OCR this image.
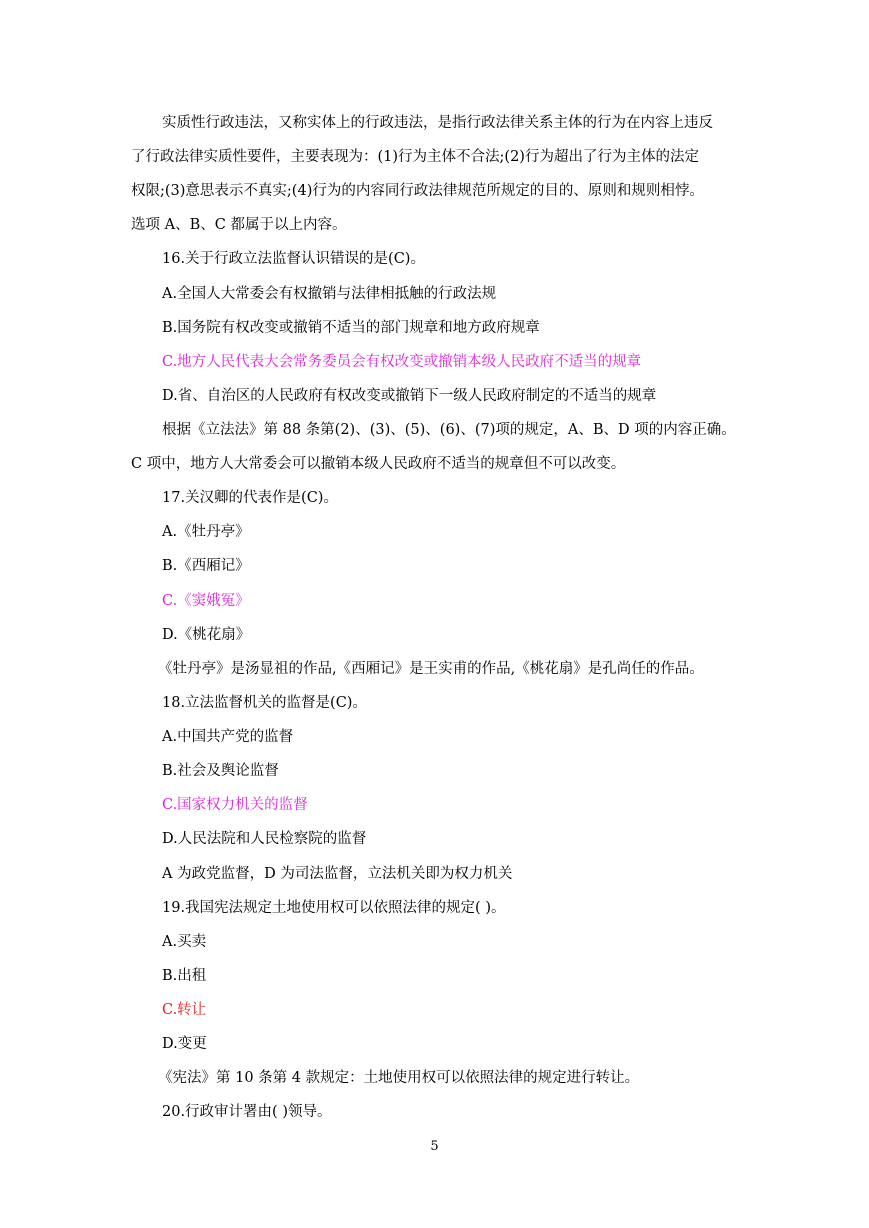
实质性行政违法，又称实体上的行政违法，是指行政法律关系主体的行为在内容上违反
了行政法律实质性要件，主要表现为：(1)行为主体不合法;(2)行为超出了行为主体的法定
权限;(3)意思表示不真实;(4)行为的内容同行政法律规范所规定的目的、原则和规则相悖。
选项 A、B、C 都属于以上内容。
16.关于行政立法监督认识错误的是(C)。
A.全国人大常委会有权撤销与法律相抵触的行政法规
B.国务院有权改变或撤销不适当的部门规章和地方政府规章
C.地方人民代表大会常务委员会有权改变或撤销本级人民政府不适当的规章
D.省、自治区的人民政府有权改变或撤销下一级人民政府制定的不适当的规章
根据《立法法》第 88 条第(2)、(3)、(5)、(6)、(7)项的规定，A、B、D 项的内容正确。
C 项中，地方人大常委会可以撤销本级人民政府不适当的规章但不可以改变。
17.关汉卿的代表作是(C)。
A.《牡丹亭》
B.《西厢记》
C.《窦娥冤》
D.《桃花扇》
《牡丹亭》是汤显祖的作品,《西厢记》是王实甫的作品,《桃花扇》是孔尚任的作品。
18.立法监督机关的监督是(C)。
A.中国共产党的监督
B.社会及舆论监督
C.国家权力机关的监督
D.人民法院和人民检察院的监督
A 为政党监督，D 为司法监督，立法机关即为权力机关
19.我国宪法规定土地使用权可以依照法律的规定( )。
A.买卖
B.出租
C.转让
D.变更
《宪法》第 10 条第 4 款规定：土地使用权可以依照法律的规定进行转让。
20.行政审计署由( )领导。
5
